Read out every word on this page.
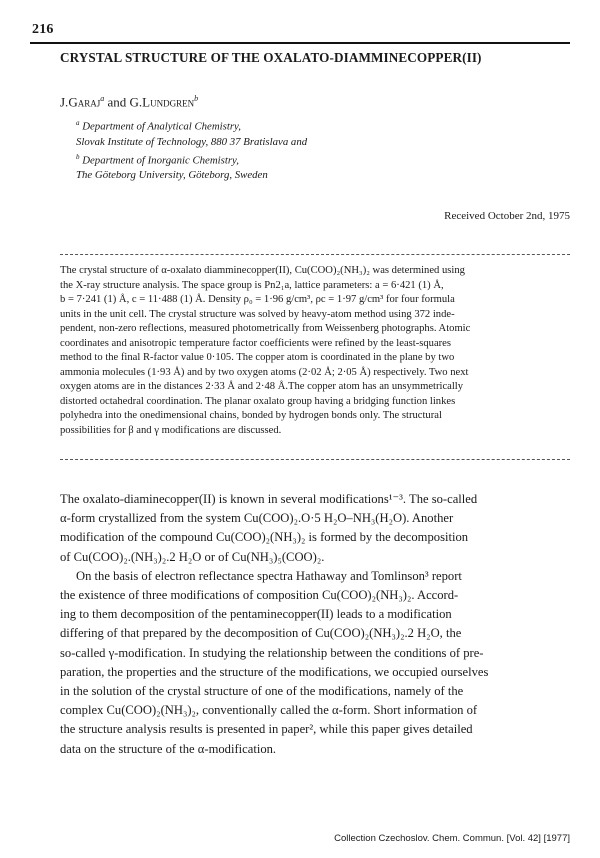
216
CRYSTAL STRUCTURE OF THE OXALATO-DIAMMINECOPPER(II)
J.Garaj$^a$ and G.Lundgren$^b$
$^a$ Department of Analytical Chemistry,
Slovak Institute of Technology, 880 37 Bratislava and
$^b$ Department of Inorganic Chemistry,
The Göteborg University, Göteborg, Sweden
Received October 2nd, 1975
The crystal structure of α-oxalato diamminecopper(II), Cu(COO)₂(NH₃)₂ was determined using
the X-ray structure analysis. The space group is Pn2₁a, lattice parameters: a = 6·421 (1) Å,
b = 7·241 (1) Å, c = 11·488 (1) Å. Density ρ₀ = 1·96 g/cm³, ρc = 1·97 g/cm³ for four formula
units in the unit cell. The crystal structure was solved by heavy-atom method using 372 inde-
pendent, non-zero reflections, measured photometrically from Weissenberg photographs. Atomic
coordinates and anisotropic temperature factor coefficients were refined by the least-squares
method to the final R-factor value 0·105. The copper atom is coordinated in the plane by two
ammonia molecules (1·93 Å) and by two oxygen atoms (2·02 Å; 2·05 Å) respectively. Two next
oxygen atoms are in the distances 2·33 Å and 2·48 Å.The copper atom has an unsymmetrically
distorted octahedral coordination. The planar oxalato group having a bridging function linkes
polyhedra into the onedimensional chains, bonded by hydrogen bonds only. The structural
possibilities for β and γ modifications are discussed.
The oxalato-diaminecopper(II) is known in several modifications¹⁻³. The so-called
α-form crystallized from the system Cu(COO)₂.O·5 H₂O–NH₃(H₂O). Another
modification of the compound Cu(COO)₂(NH₃)₂ is formed by the decomposition
of Cu(COO)₂.(NH₃)₂.2 H₂O or of Cu(NH₃)₅(COO)₂.
On the basis of electron reflectance spectra Hathaway and Tomlinson³ report
the existence of three modifications of composition Cu(COO)₂(NH₃)₂. Accord-
ing to them decomposition of the pentaminecopper(II) leads to a modification
differing of that prepared by the decomposition of Cu(COO)₂(NH₃)₂.2 H₂O, the
so-called γ-modification. In studying the relationship between the conditions of pre-
paration, the properties and the structure of the modifications, we occupied ourselves
in the solution of the crystal structure of one of the modifications, namely of the
complex Cu(COO)₂(NH₃)₂, conventionally called the α-form. Short information of
the structure analysis results is presented in paper², while this paper gives detailed
data on the structure of the α-modification.
Collection Czechoslov. Chem. Commun. [Vol. 42] [1977]
